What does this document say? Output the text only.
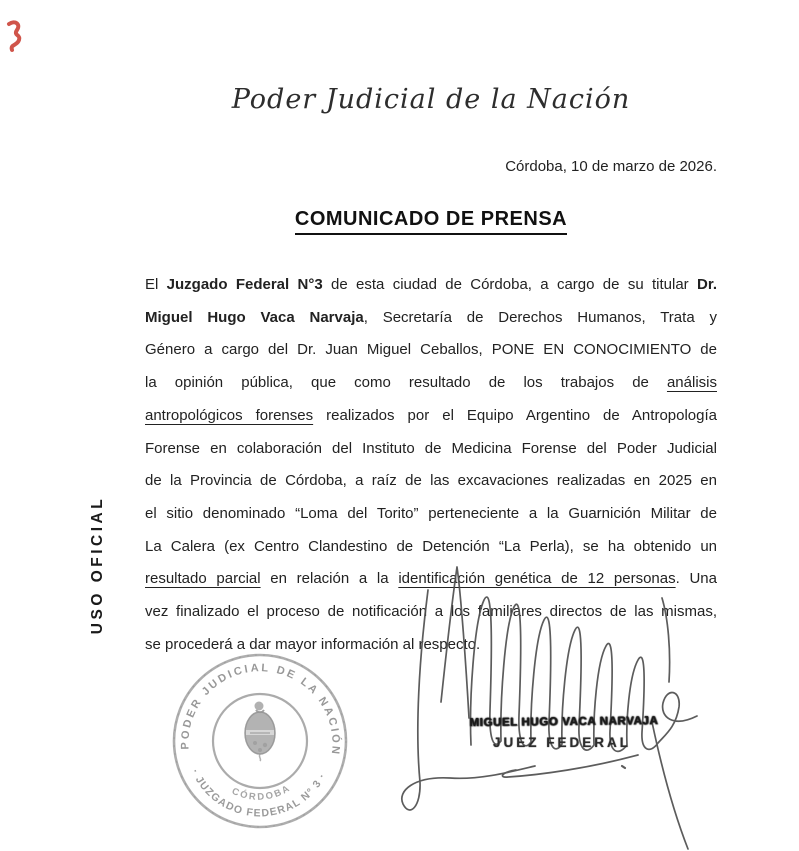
Poder Judicial de la Nación
Córdoba, 10 de marzo de 2026.
COMUNICADO DE PRENSA
El Juzgado Federal N°3 de esta ciudad de Córdoba, a cargo de su titular Dr.
Miguel Hugo Vaca Narvaja, Secretaría de Derechos Humanos, Trata y
Género a cargo del Dr. Juan Miguel Ceballos, PONE EN CONOCIMIENTO de
la opinión pública, que como resultado de los trabajos de análisis
antropológicos forenses realizados por el Equipo Argentino de Antropología
Forense en colaboración del Instituto de Medicina Forense del Poder Judicial
de la Provincia de Córdoba, a raíz de las excavaciones realizadas en 2025 en
el sitio denominado “Loma del Torito” perteneciente a la Guarnición Militar de
La Calera (ex Centro Clandestino de Detención “La Perla), se ha obtenido un
resultado parcial en relación a la identificación genética de 12 personas. Una
vez finalizado el proceso de notificación a los familiares directos de las mismas,
se procederá a dar mayor información al respecto.
USO OFICIAL
PODER JUDICIAL DE LA NACIÓN
· JUZGADO FEDERAL N° 3 ·
CÓRDOBA
MIGUEL HUGO VACA NARVAJA
JUEZ FEDERAL
